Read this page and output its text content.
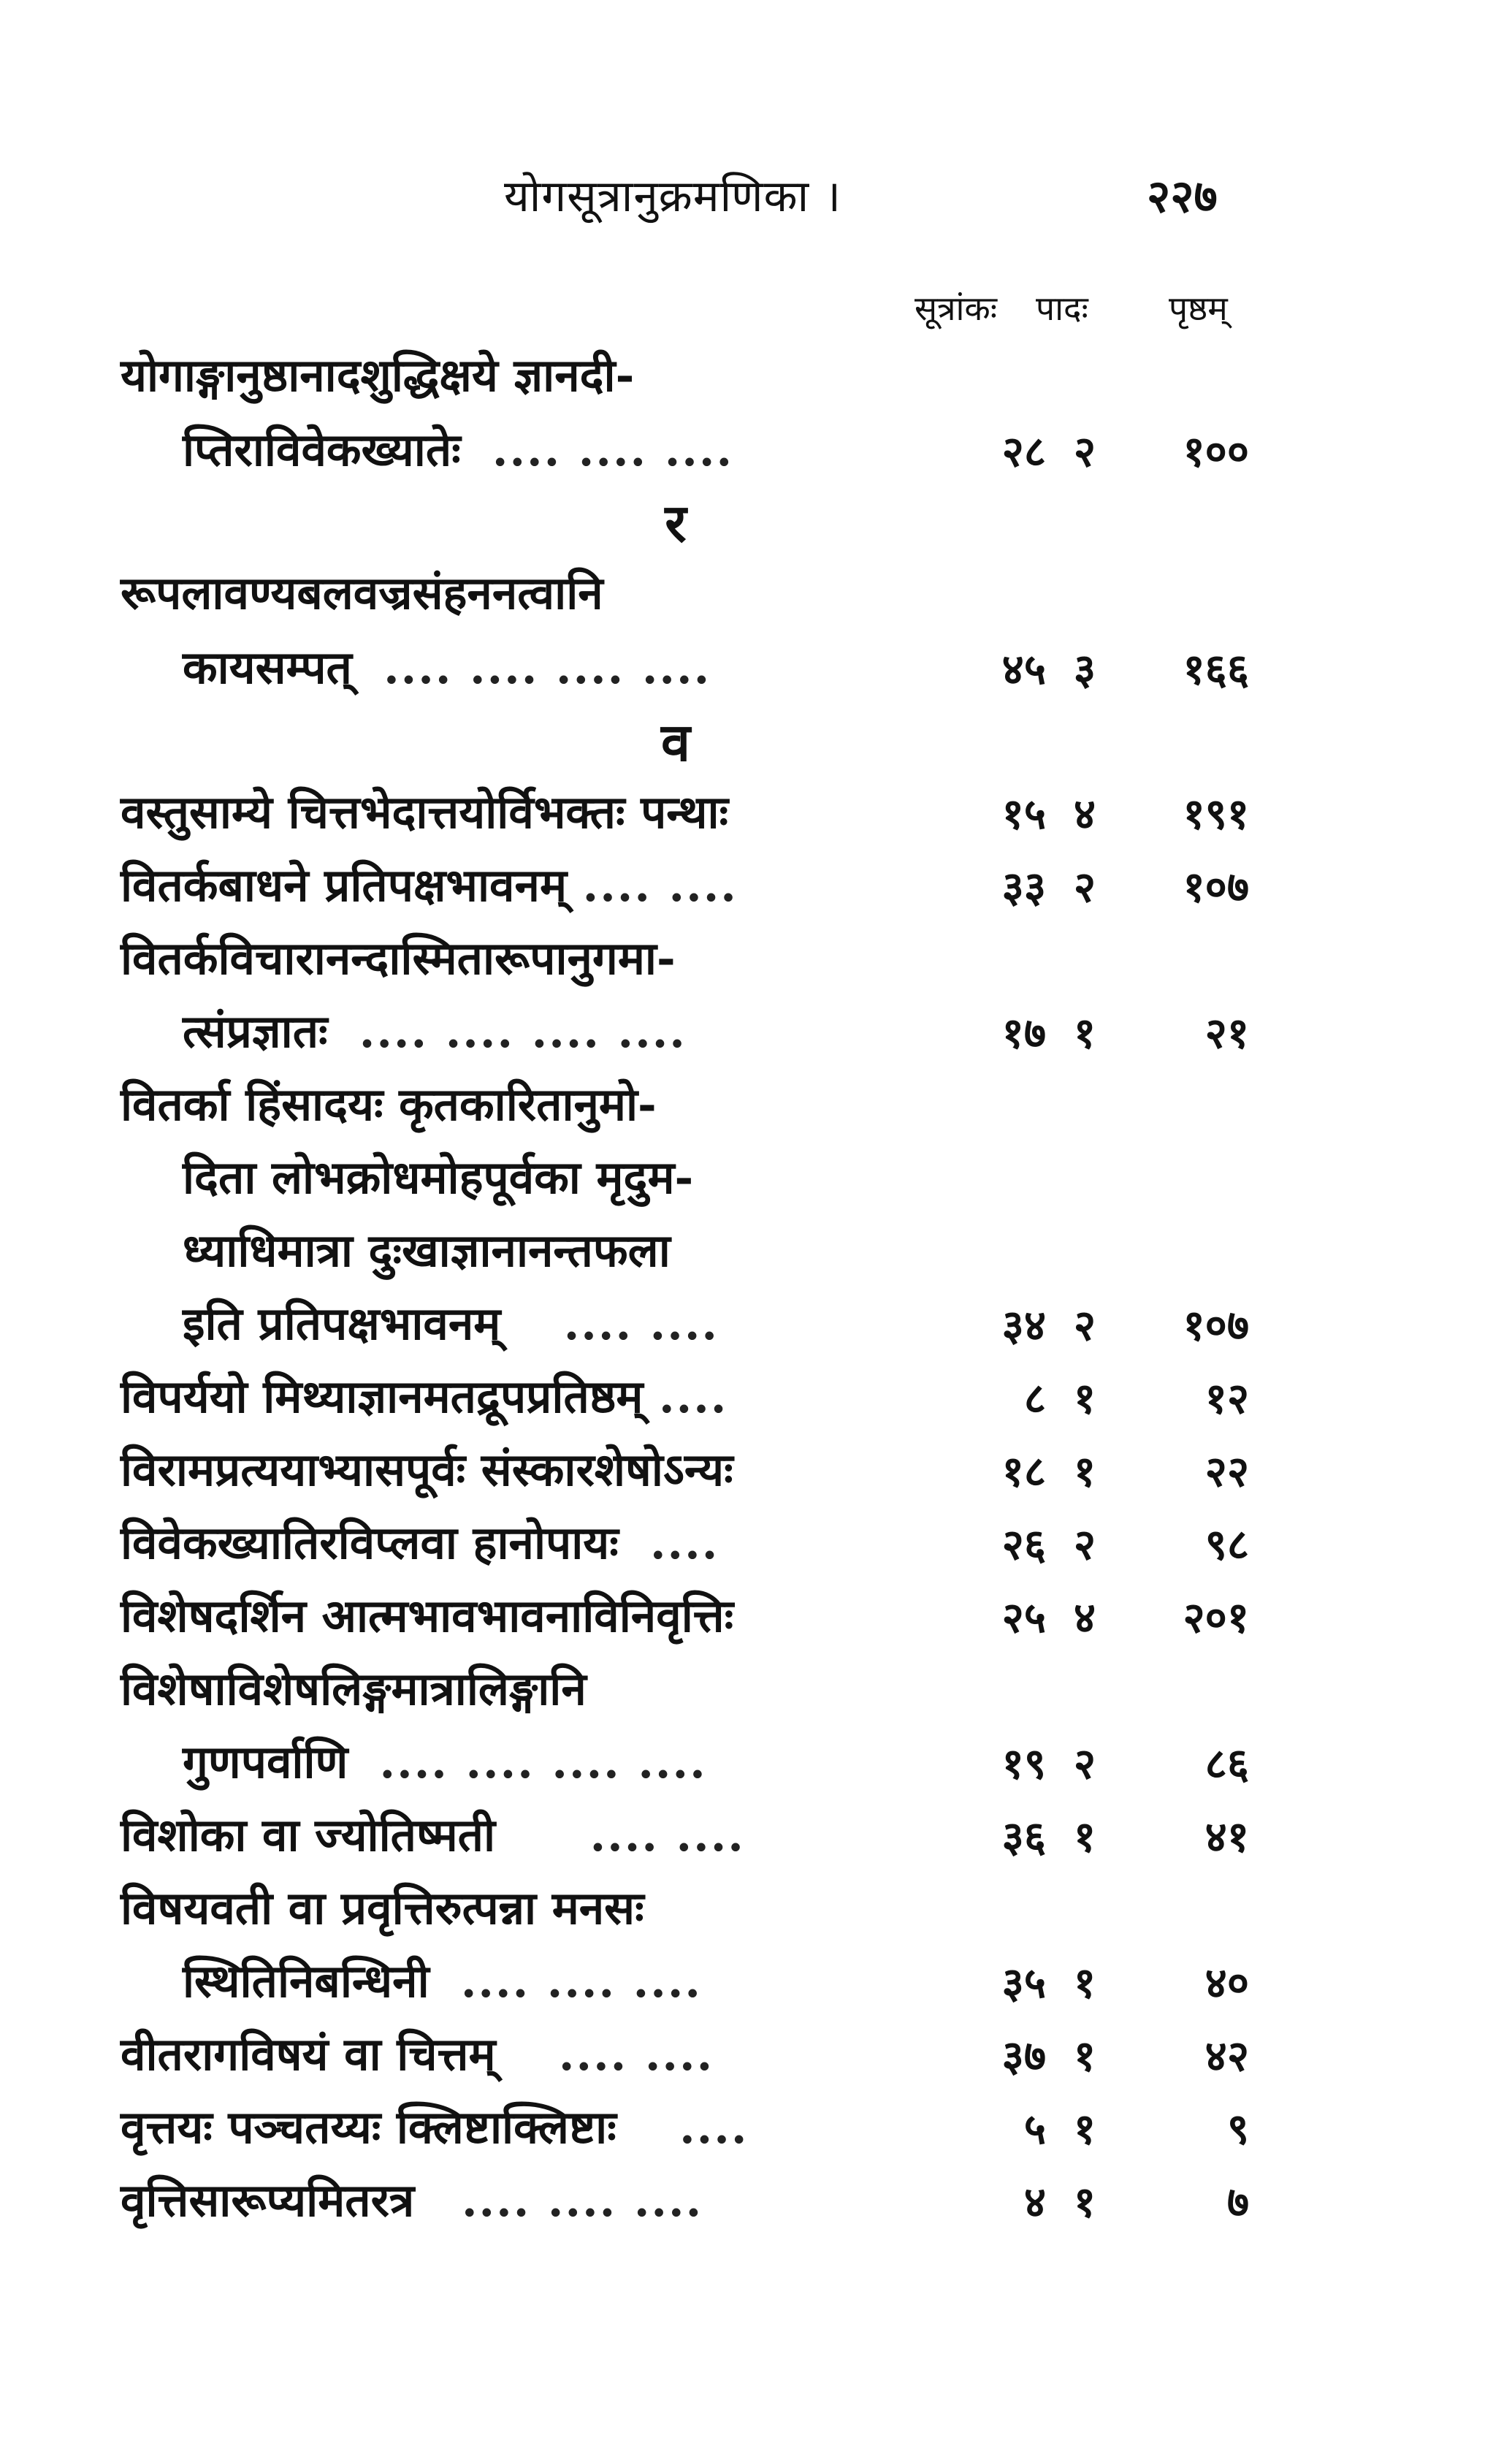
योगसूत्रानुक्रमणिका ।	२२७
सूत्रांकः पादः पृष्ठम्
योगाङ्गानुष्ठानादशुद्धिक्षये ज्ञानदी-
प्तिराविवेकख्यातेः .... .... ....	२८ २	१००
र
रूपलावण्यबलवज्रसंहननत्वानि
कायसम्पत् .... .... .... ....	४५ ३	१६६
व
वस्तुसाम्ये चित्तभेदात्तयोर्विभक्तः पन्थाः	१५ ४	१९१
वितर्कबाधने प्रतिपक्षभावनम् .... ....	३३ २	१०७
वितर्कविचारानन्दास्मितारूपानुगमा-
त्संप्रज्ञातः .... .... .... ....	१७ १	२१
वितर्का हिंसादयः कृतकारितानुमो-
दिता लोभक्रोधमोहपूर्वका मृदुम-
ध्याधिमात्रा दुःखाज्ञानानन्तफला
इति प्रतिपक्षभावनम् .... ....	३४ २	१०७
विपर्ययो मिथ्याज्ञानमतद्रूपप्रतिष्ठम् ....	८ १	१२
विरामप्रत्ययाभ्यासपूर्वः संस्कारशेषोऽन्यः	१८ १	२२
विवेकख्यातिरविप्लवा हानोपायः ....	२६ २	९८
विशेषदर्शिन आत्मभावभावनाविनिवृत्तिः	२५ ४	२०१
विशेषाविशेषलिङ्गमात्रालिङ्गानि
गुणपर्वाणि .... .... .... ....	१९ २	८६
विशोका वा ज्योतिष्मती .... ....	३६ १	४१
विषयवती वा प्रवृत्तिरुत्पन्ना मनसः
स्थितिनिबन्धिनी .... .... ....	३५ १	४०
वीतरागविषयं वा चित्तम् .... ....	३७ १	४२
वृत्तयः पञ्चतय्यः क्लिष्टाक्लिष्टाः ....	५ १	९
वृत्तिसारूप्यमितरत्र .... .... ....	४ १	७
